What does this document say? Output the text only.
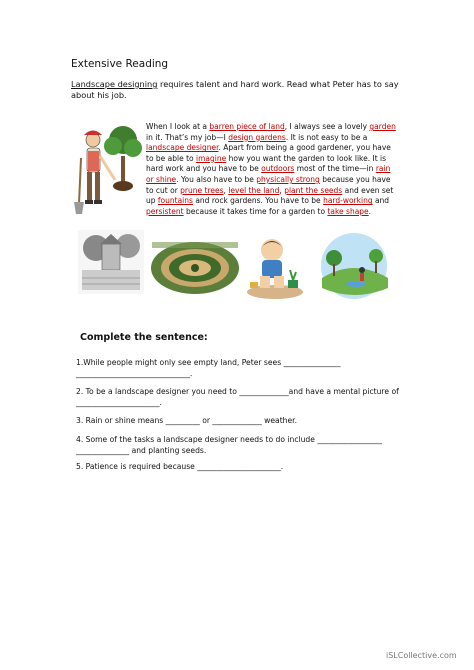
Extensive Reading
Landscape designing requires talent and hard work. Read what Peter has to say about his job.
When I look at a barren piece of land, I always see a lovely garden in it. That’s my job—I design gardens. It is not easy to be a landscape designer. Apart from being a good gardener, you have to be able to imagine how you want the garden to look like. It is hard work and you have to be outdoors most of the time—in rain or shine. You also have to be physically strong because you have to cut or prune trees, level the land, plant the seeds and even set up fountains and rock gardens. You have to be hard-working and persistent because it takes time for a garden to take shape.
Complete the sentence:
1.While people might only see empty land, Peter sees _______________ ______________________________.
2. To be a landscape designer you need to _____________and have a mental picture of ______________________.
3. Rain or shine means _________ or _____________ weather.
4. Some of the tasks a landscape designer needs to do include _________________ ______________ and planting seeds.
5. Patience is required because ______________________.
iSLCollective.com
